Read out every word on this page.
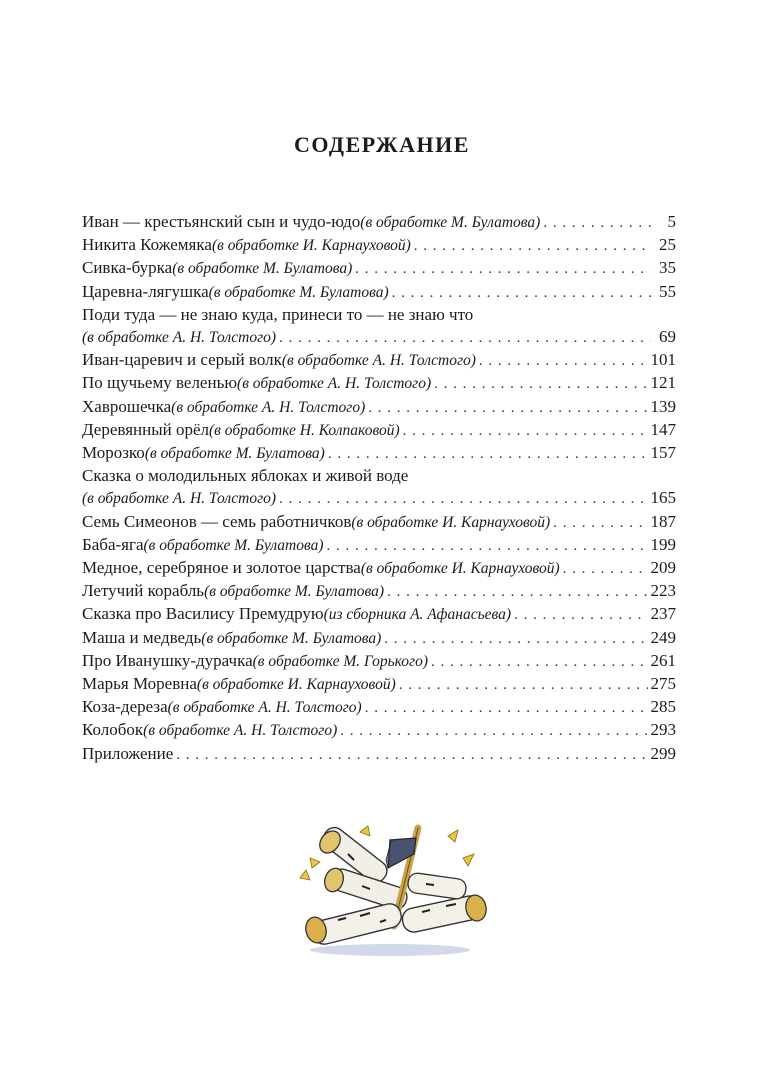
СОДЕРЖАНИЕ
Иван — крестьянский сын и чудо-юдо (в обработке М. Булатова) . . .	5
Никита Кожемяка (в обработке И. Карнауховой) . . .	25
Сивка-бурка (в обработке М. Булатова) . . .	35
Царевна-лягушка (в обработке М. Булатова) . . .	55
Поди туда — не знаю куда, принеси то — не знаю что
(в обработке А. Н. Толстого) . . .	69
Иван-царевич и серый волк (в обработке А. Н. Толстого) . . .	101
По щучьему веленью (в обработке А. Н. Толстого) . . .	121
Хаврошечка (в обработке А. Н. Толстого) . . .	139
Деревянный орёл (в обработке Н. Колпаковой) . . .	147
Морозко (в обработке М. Булатова) . . .	157
Сказка о молодильных яблоках и живой воде
(в обработке А. Н. Толстого) . . .	165
Семь Симеонов — семь работничков (в обработке И. Карнауховой) . . .	187
Баба-яга (в обработке М. Булатова) . . .	199
Медное, серебряное и золотое царства (в обработке И. Карнауховой) . . .	209
Летучий корабль (в обработке М. Булатова) . . .	223
Сказка про Василису Премудрую (из сборника А. Афанасьева) . . .	237
Маша и медведь (в обработке М. Булатова) . . .	249
Про Иванушку-дурачка (в обработке М. Горького) . . .	261
Марья Моревна (в обработке И. Карнауховой) . . .	275
Коза-дереза (в обработке А. Н. Толстого) . . .	285
Колобок (в обработке А. Н. Толстого) . . .	293
Приложение . . .	299
